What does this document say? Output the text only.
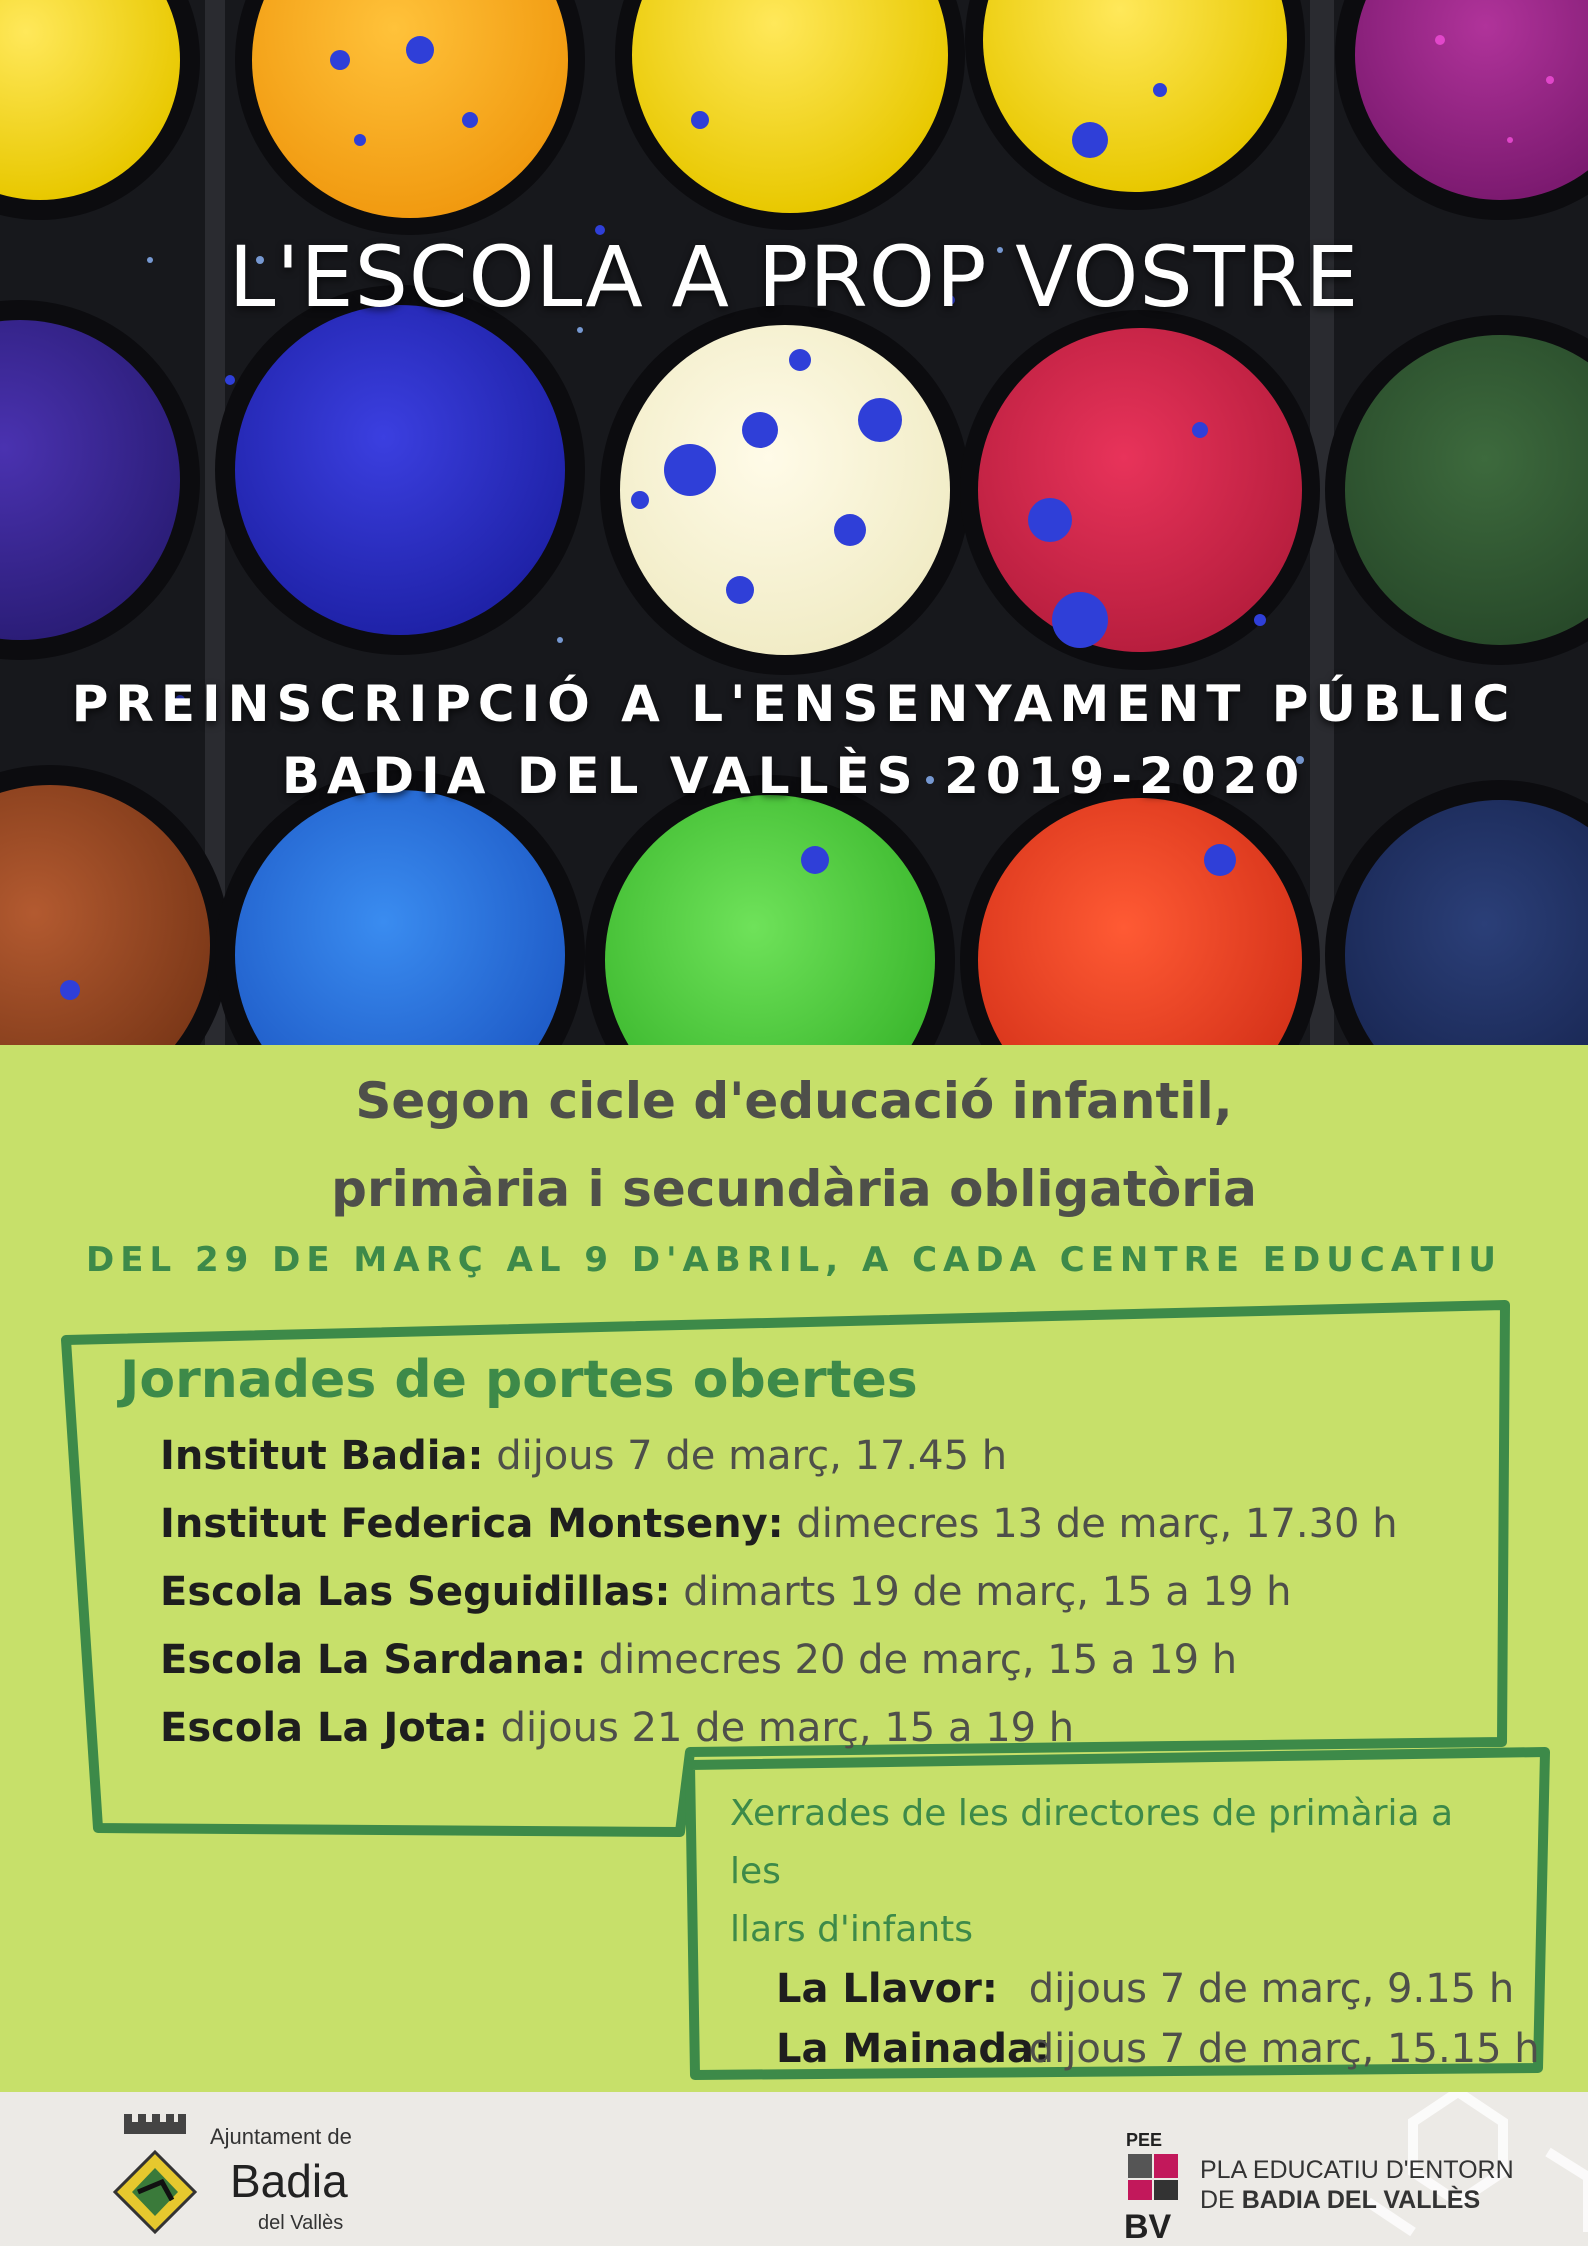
L'ESCOLA A PROP VOSTRE
PREINSCRIPCIÓ A L'ENSENYAMENT PÚBLIC
BADIA DEL VALLÈS 2019-2020
Segon cicle d'educació infantil,
primària i secundària obligatòria
DEL 29 DE MARÇ AL 9 D'ABRIL, A CADA CENTRE EDUCATIU
Jornades de portes obertes
Institut Badia: dijous 7 de març, 17.45 h
Institut Federica Montseny: dimecres 13 de març, 17.30 h
Escola Las Seguidillas: dimarts 19 de març, 15 a 19 h
Escola La Sardana: dimecres 20 de març, 15 a 19 h
Escola La Jota: dijous 21 de març, 15 a 19 h
Xerrades de les directores de primària a les
llars d'infants
La Llavor: dijous 7 de març, 9.15 h
La Mainada: dijous 7 de març, 15.15 h
Ajuntament de
Badia
del Vallès
PEE
BV
PLA EDUCATIU D'ENTORN
DE BADIA DEL VALLÈS
